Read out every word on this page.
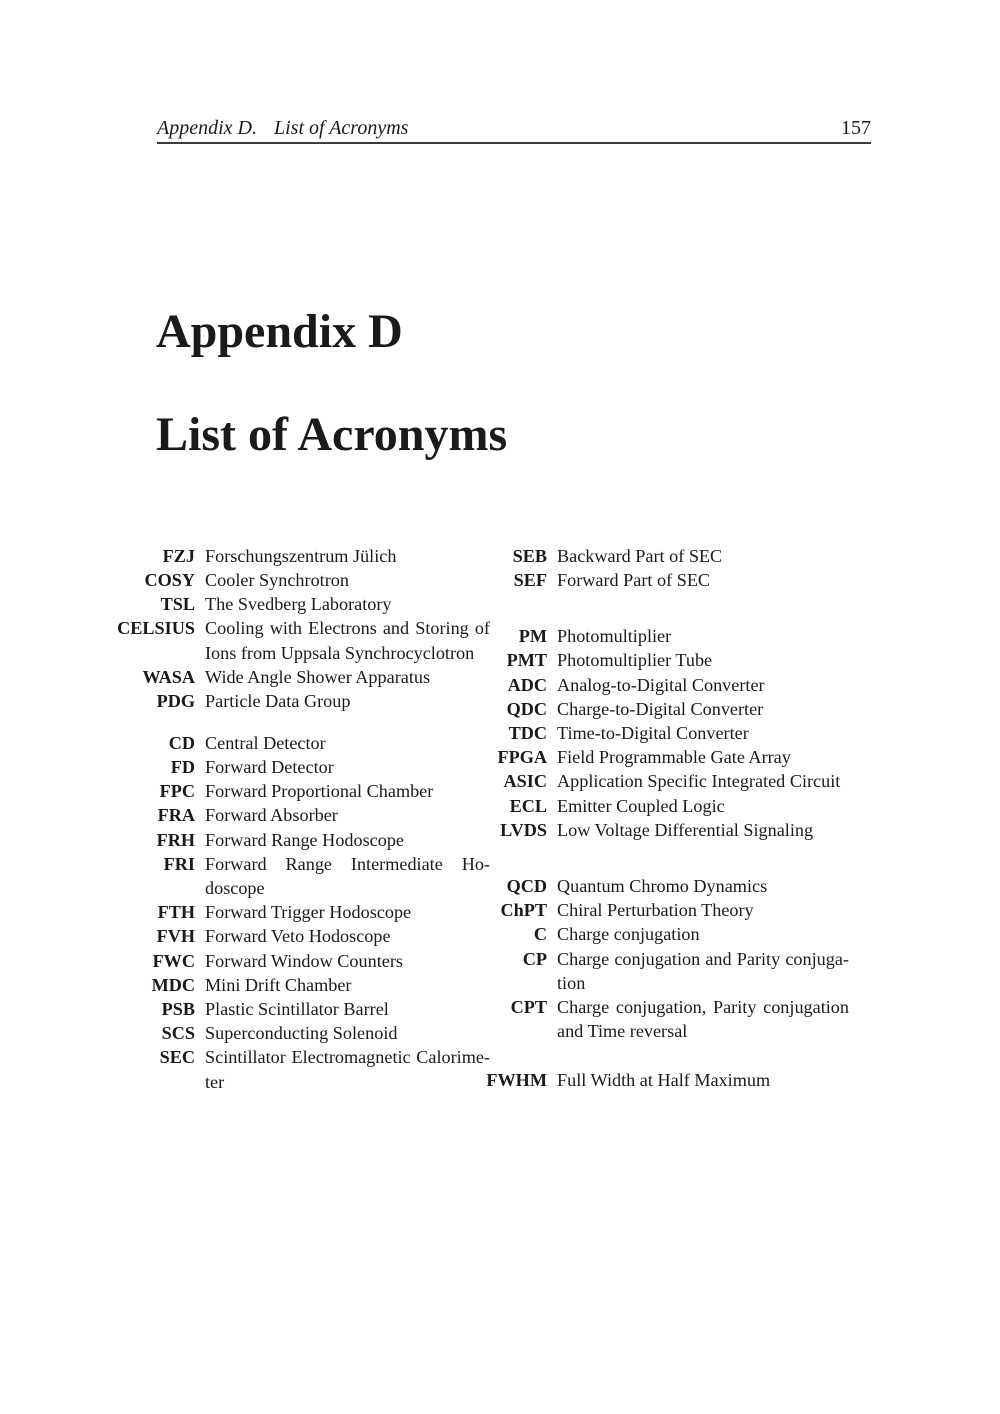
Appendix D. List of Acronyms	157
Appendix D
List of Acronyms
FZJ Forschungszentrum Jülich
COSY Cooler Synchrotron
TSL The Svedberg Laboratory
CELSIUS Cooling with Electrons and Storing of
Ions from Uppsala Synchrocyclotron
WASA Wide Angle Shower Apparatus
PDG Particle Data Group
CD Central Detector
FD Forward Detector
FPC Forward Proportional Chamber
FRA Forward Absorber
FRH Forward Range Hodoscope
FRI Forward Range Intermediate Ho-
doscope
FTH Forward Trigger Hodoscope
FVH Forward Veto Hodoscope
FWC Forward Window Counters
MDC Mini Drift Chamber
PSB Plastic Scintillator Barrel
SCS Superconducting Solenoid
SEC Scintillator Electromagnetic Calorime-
ter
SEB Backward Part of SEC
SEF Forward Part of SEC
PM Photomultiplier
PMT Photomultiplier Tube
ADC Analog-to-Digital Converter
QDC Charge-to-Digital Converter
TDC Time-to-Digital Converter
FPGA Field Programmable Gate Array
ASIC Application Specific Integrated Circuit
ECL Emitter Coupled Logic
LVDS Low Voltage Differential Signaling
QCD Quantum Chromo Dynamics
ChPT Chiral Perturbation Theory
C Charge conjugation
CP Charge conjugation and Parity conjuga-
tion
CPT Charge conjugation, Parity conjugation
and Time reversal
FWHM Full Width at Half Maximum
